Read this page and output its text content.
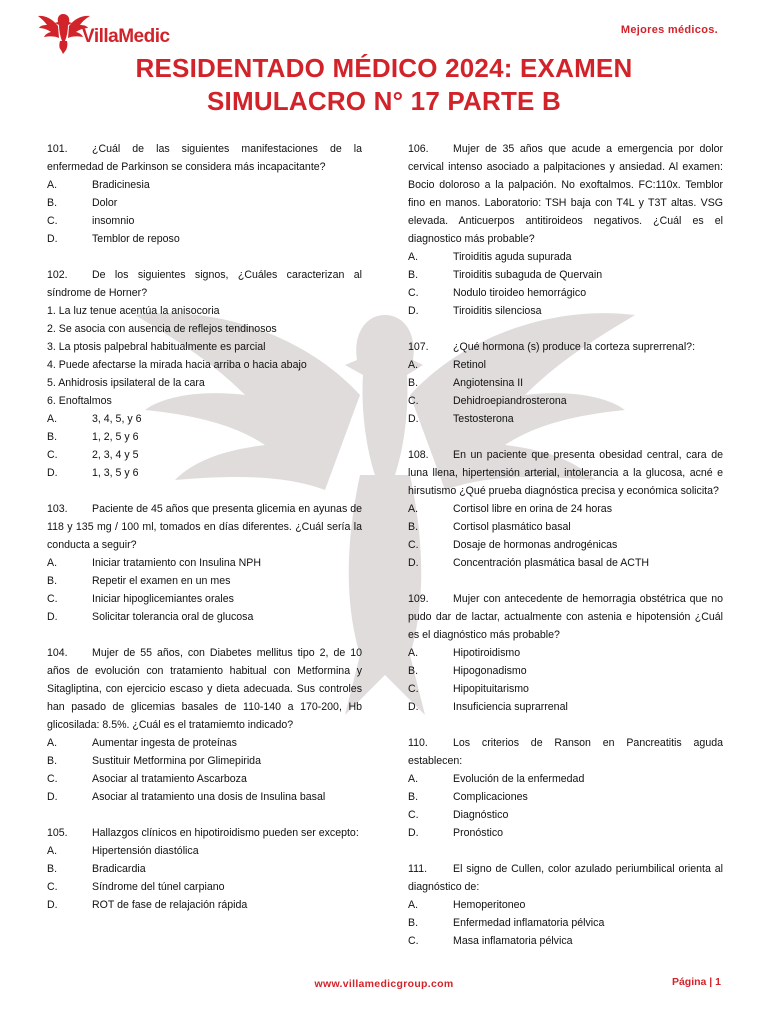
VillaMedic	Mejores médicos.
RESIDENTADO MÉDICO 2024: EXAMEN
SIMULACRO N° 17 PARTE B
101. ¿Cuál de las siguientes manifestaciones de la enfermedad de Parkinson se considera más incapacitante?
A.	Bradicinesia
B.	Dolor
C.	insomnio
D.	Temblor de reposo
102. De los siguientes signos, ¿Cuáles caracterizan al síndrome de Horner?
1. La luz tenue acentúa la anisocoria
2. Se asocia con ausencia de reflejos tendinosos
3. La ptosis palpebral habitualmente es parcial
4. Puede afectarse la mirada hacia arriba o hacia abajo
5. Anhidrosis ipsilateral de la cara
6. Enoftalmos
A.	3, 4, 5, y 6
B.	1, 2, 5 y 6
C.	2, 3, 4 y 5
D.	1, 3, 5 y 6
103. Paciente de 45 años que presenta glicemia en ayunas de 118 y 135 mg / 100 ml, tomados en días diferentes. ¿Cuál sería la conducta a seguir?
A.	Iniciar tratamiento con Insulina NPH
B.	Repetir el examen en un mes
C.	Iniciar hipoglicemiantes orales
D.	Solicitar tolerancia oral de glucosa
104. Mujer de 55 años, con Diabetes mellitus tipo 2, de 10 años de evolución con tratamiento habitual con Metformina y Sitagliptina, con ejercicio escaso y dieta adecuada. Sus controles han pasado de glicemias basales de 110-140 a 170-200, Hb glicosilada: 8.5%. ¿Cuál es el tratamiemto indicado?
A.	Aumentar ingesta de proteínas
B.	Sustituir Metformina por Glimepirida
C.	Asociar al tratamiento Ascarboza
D.	Asociar al tratamiento una dosis de Insulina basal
105. Hallazgos clínicos en hipotiroidismo pueden ser excepto:
A.	Hipertensión diastólica
B.	Bradicardia
C.	Síndrome del túnel carpiano
D.	ROT de fase de relajación rápida
106. Mujer de 35 años que acude a emergencia por dolor cervical intenso asociado a palpitaciones y ansiedad. Al examen: Bocio doloroso a la palpación. No exoftalmos. FC:110x. Temblor fino en manos. Laboratorio: TSH baja con T4L y T3T altas. VSG elevada. Anticuerpos antitiroideos negativos. ¿Cuál es el diagnostico más probable?
A.	Tiroiditis aguda supurada
B.	Tiroiditis subaguda de Quervain
C.	Nodulo tiroideo hemorrágico
D.	Tiroiditis silenciosa
107. ¿Qué hormona (s) produce la corteza suprerrenal?:
A.	Retinol
B.	Angiotensina II
C.	Dehidroepiandrosterona
D.	Testosterona
108. En un paciente que presenta obesidad central, cara de luna llena, hipertensión arterial, intolerancia a la glucosa, acné e hirsutismo ¿Qué prueba diagnóstica precisa y económica solicita?
A.	Cortisol libre en orina de 24 horas
B.	Cortisol plasmático basal
C.	Dosaje de hormonas androgénicas
D.	Concentración plasmática basal de ACTH
109. Mujer con antecedente de hemorragia obstétrica que no pudo dar de lactar, actualmente con astenia e hipotensión ¿Cuál es el diagnóstico más probable?
A.	Hipotiroidismo
B.	Hipogonadismo
C.	Hipopituitarismo
D.	Insuficiencia suprarrenal
110. Los criterios de Ranson en Pancreatitis aguda establecen:
A.	Evolución de la enfermedad
B.	Complicaciones
C.	Diagnóstico
D.	Pronóstico
111. El signo de Cullen, color azulado periumbilical orienta al diagnóstico de:
A.	Hemoperitoneo
B.	Enfermedad inflamatoria pélvica
C.	Masa inflamatoria pélvica
www.villamedicgroup.com	Página | 1
